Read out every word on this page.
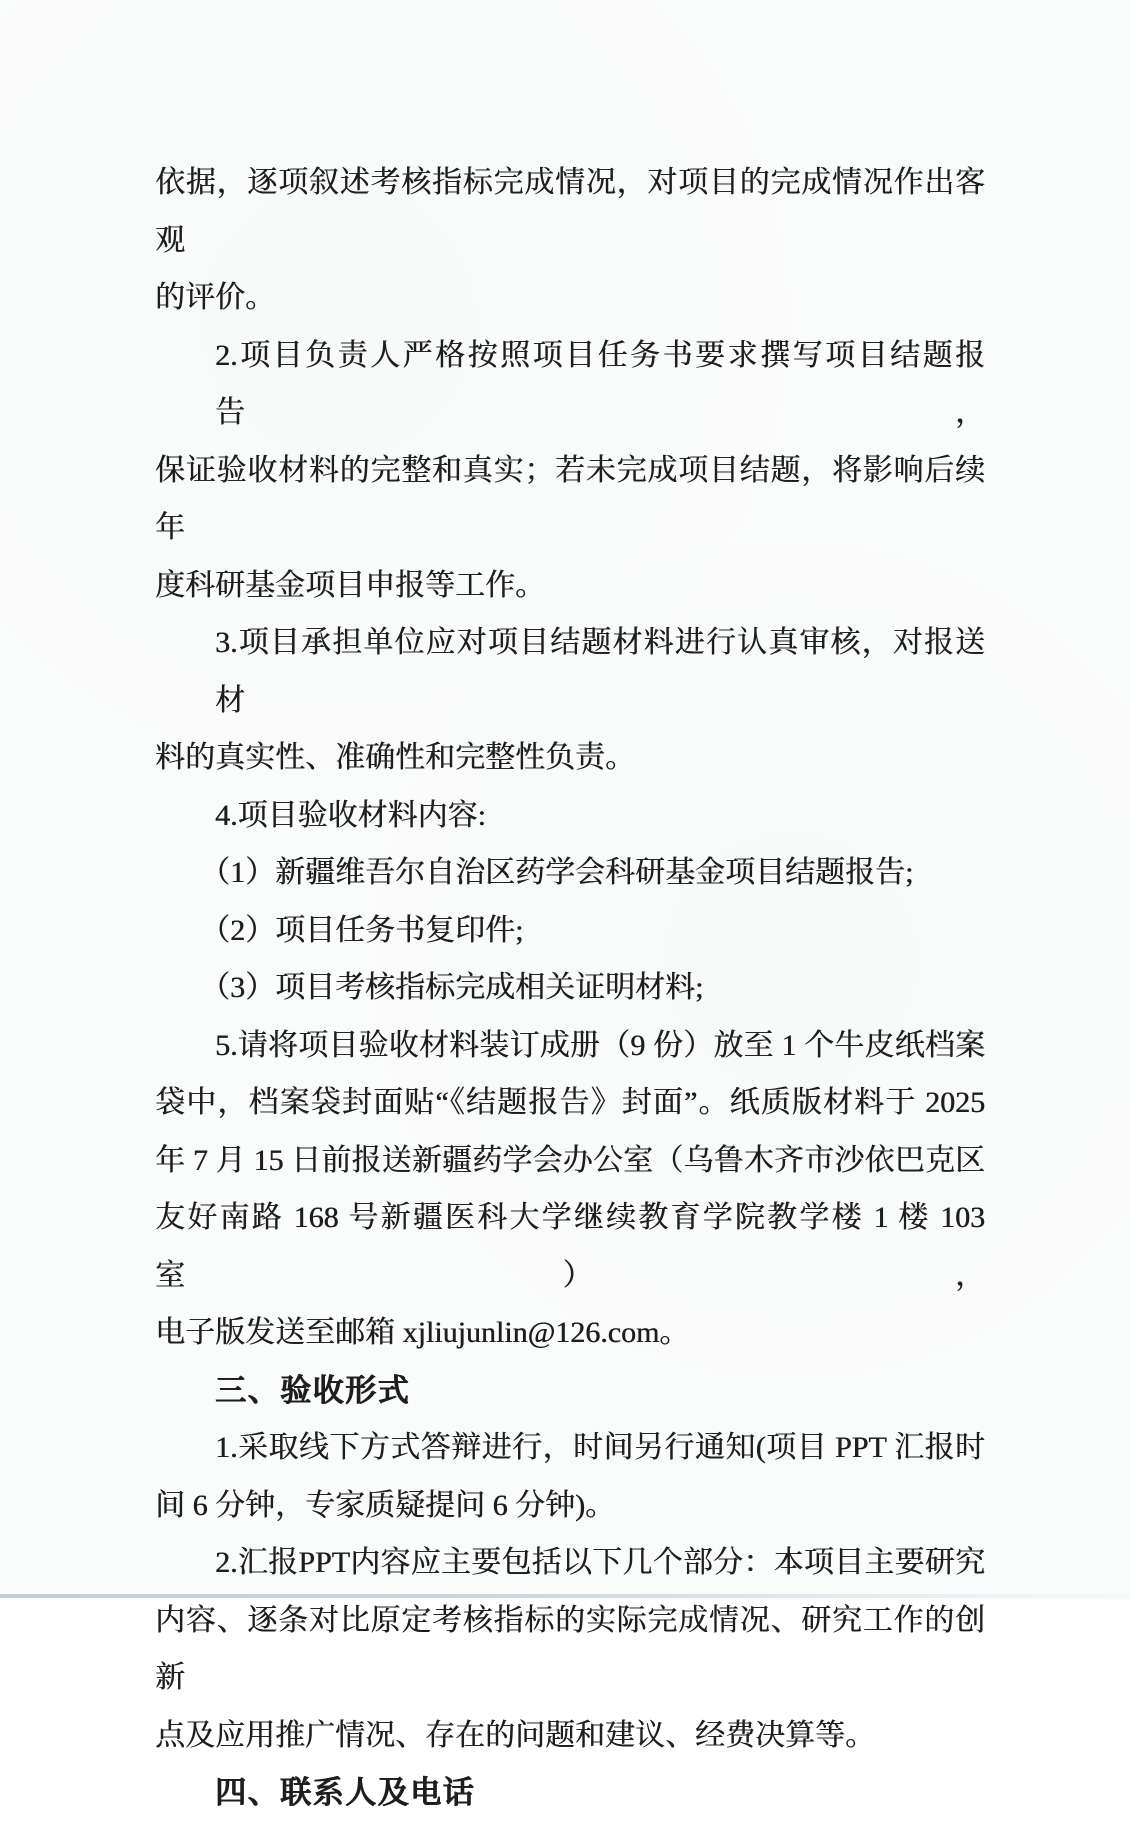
依据，逐项叙述考核指标完成情况，对项目的完成情况作出客观
的评价。
2.项目负责人严格按照项目任务书要求撰写项目结题报告，
保证验收材料的完整和真实；若未完成项目结题，将影响后续年
度科研基金项目申报等工作。
3.项目承担单位应对项目结题材料进行认真审核，对报送材
料的真实性、准确性和完整性负责。
4.项目验收材料内容:
（1）新疆维吾尔自治区药学会科研基金项目结题报告;
（2）项目任务书复印件;
（3）项目考核指标完成相关证明材料;
5.请将项目验收材料装订成册（9 份）放至 1 个牛皮纸档案
袋中，档案袋封面贴“《结题报告》封面”。纸质版材料于 2025
年 7 月 15 日前报送新疆药学会办公室（乌鲁木齐市沙依巴克区
友好南路 168 号新疆医科大学继续教育学院教学楼 1 楼 103 室），
电子版发送至邮箱 xjliujunlin@126.com。
三、验收形式
1.采取线下方式答辩进行，时间另行通知(项目 PPT 汇报时
间 6 分钟，专家质疑提问 6 分钟)。
2.汇报PPT内容应主要包括以下几个部分：本项目主要研究
内容、逐条对比原定考核指标的实际完成情况、研究工作的创新
点及应用推广情况、存在的问题和建议、经费决算等。
四、联系人及电话
